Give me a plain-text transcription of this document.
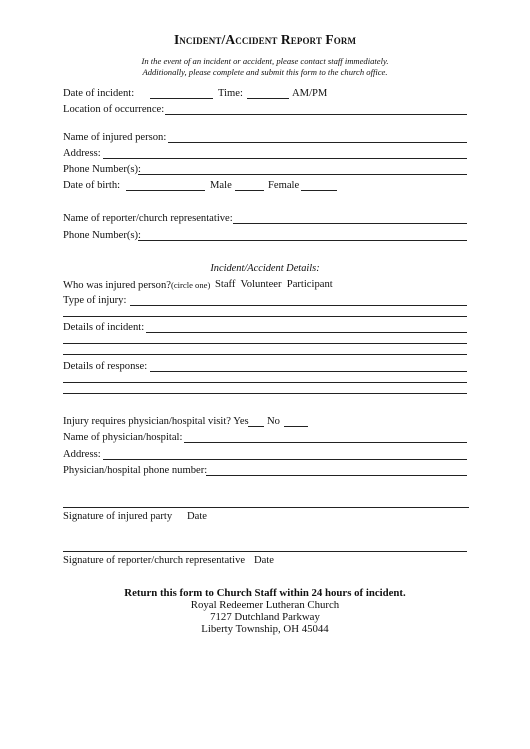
Incident/Accident Report Form
In the event of an incident or accident, please contact staff immediately.
Additionally, please complete and submit this form to the church office.
Date of incident:	Time:	AM/PM
Location of occurrence:
Name of injured person:
Address:
Phone Number(s):
Date of birth:	Male	Female
Name of reporter/church representative:
Phone Number(s):
Incident/Accident Details:
Who was injured person?(circle one) Staff  Volunteer  Participant
Type of injury:
Details of incident:
Details of response:
Injury requires physician/hospital visit? Yes No
Name of physician/hospital:
Address:
Physician/hospital phone number:
Signature of injured party Date
Signature of reporter/church representative Date
Return this form to Church Staff within 24 hours of incident.
Royal Redeemer Lutheran Church
7127 Dutchland Parkway
Liberty Township, OH 45044
